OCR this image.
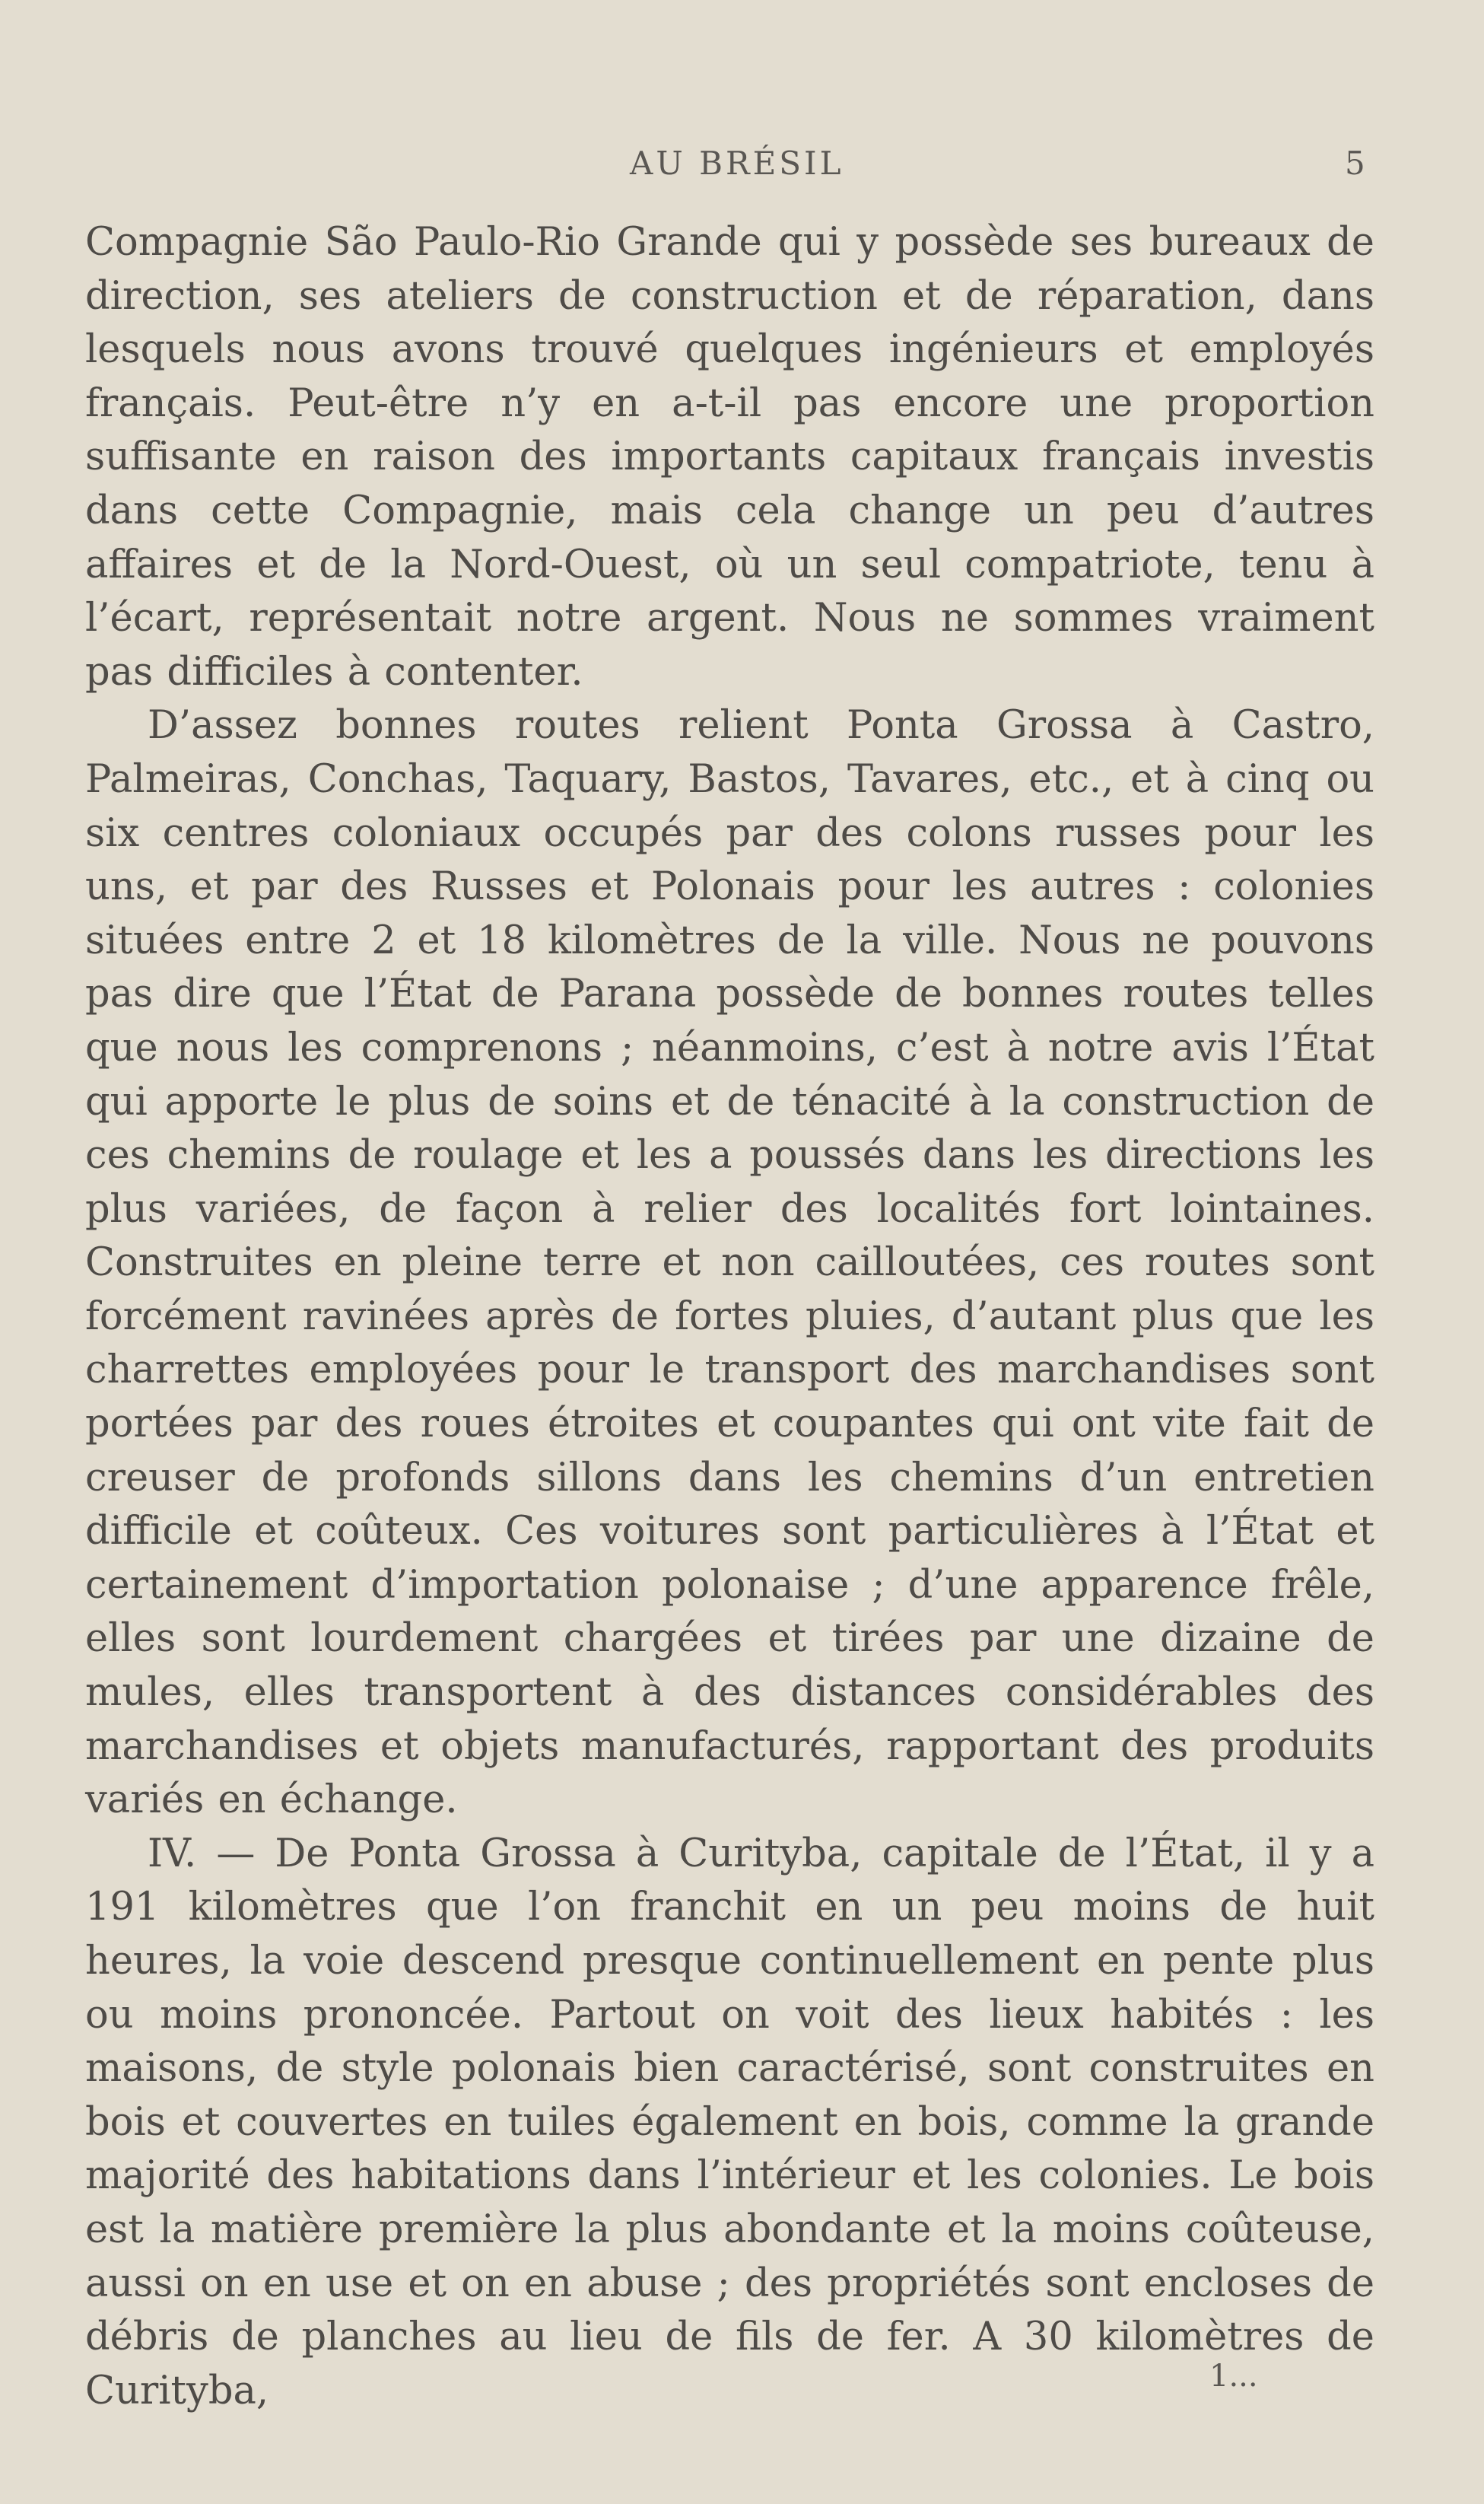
AU BRÉSIL	5

Compagnie São Paulo-Rio Grande qui y possède ses bureaux de direction, ses ateliers de construction et de réparation, dans lesquels nous avons trouvé quelques ingénieurs et employés français. Peut-être n’y en a-t-il pas encore une proportion suffisante en raison des importants capitaux français investis dans cette Compagnie, mais cela change un peu d’autres affaires et de la Nord-Ouest, où un seul compatriote, tenu à l’écart, représentait notre argent. Nous ne sommes vraiment pas difficiles à contenter.

D’assez bonnes routes relient Ponta Grossa à Castro, Palmeiras, Conchas, Taquary, Bastos, Tavares, etc., et à cinq ou six centres coloniaux occupés par des colons russes pour les uns, et par des Russes et Polonais pour les autres : colonies situées entre 2 et 18 kilomètres de la ville. Nous ne pouvons pas dire que l’État de Parana possède de bonnes routes telles que nous les comprenons ; néanmoins, c’est à notre avis l’État qui apporte le plus de soins et de ténacité à la construction de ces chemins de roulage et les a poussés dans les directions les plus variées, de façon à relier des localités fort lointaines. Construites en pleine terre et non cailloutées, ces routes sont forcément ravinées après de fortes pluies, d’autant plus que les charrettes employées pour le transport des marchandises sont portées par des roues étroites et coupantes qui ont vite fait de creuser de profonds sillons dans les chemins d’un entretien difficile et coûteux. Ces voitures sont particulières à l’État et certainement d’importation polonaise ; d’une apparence frêle, elles sont lourdement chargées et tirées par une dizaine de mules, elles transportent à des distances considérables des marchandises et objets manufacturés, rapportant des produits variés en échange.

IV. — De Ponta Grossa à Curityba, capitale de l’État, il y a 191 kilomètres que l’on franchit en un peu moins de huit heures, la voie descend presque continuellement en pente plus ou moins prononcée. Partout on voit des lieux habités : les maisons, de style polonais bien caractérisé, sont construites en bois et couvertes en tuiles également en bois, comme la grande majorité des habitations dans l’intérieur et les colonies. Le bois est la matière première la plus abondante et la moins coûteuse, aussi on en use et on en abuse ; des propriétés sont encloses de débris de planches au lieu de fils de fer. A 30 kilomètres de Curityba,	1...
